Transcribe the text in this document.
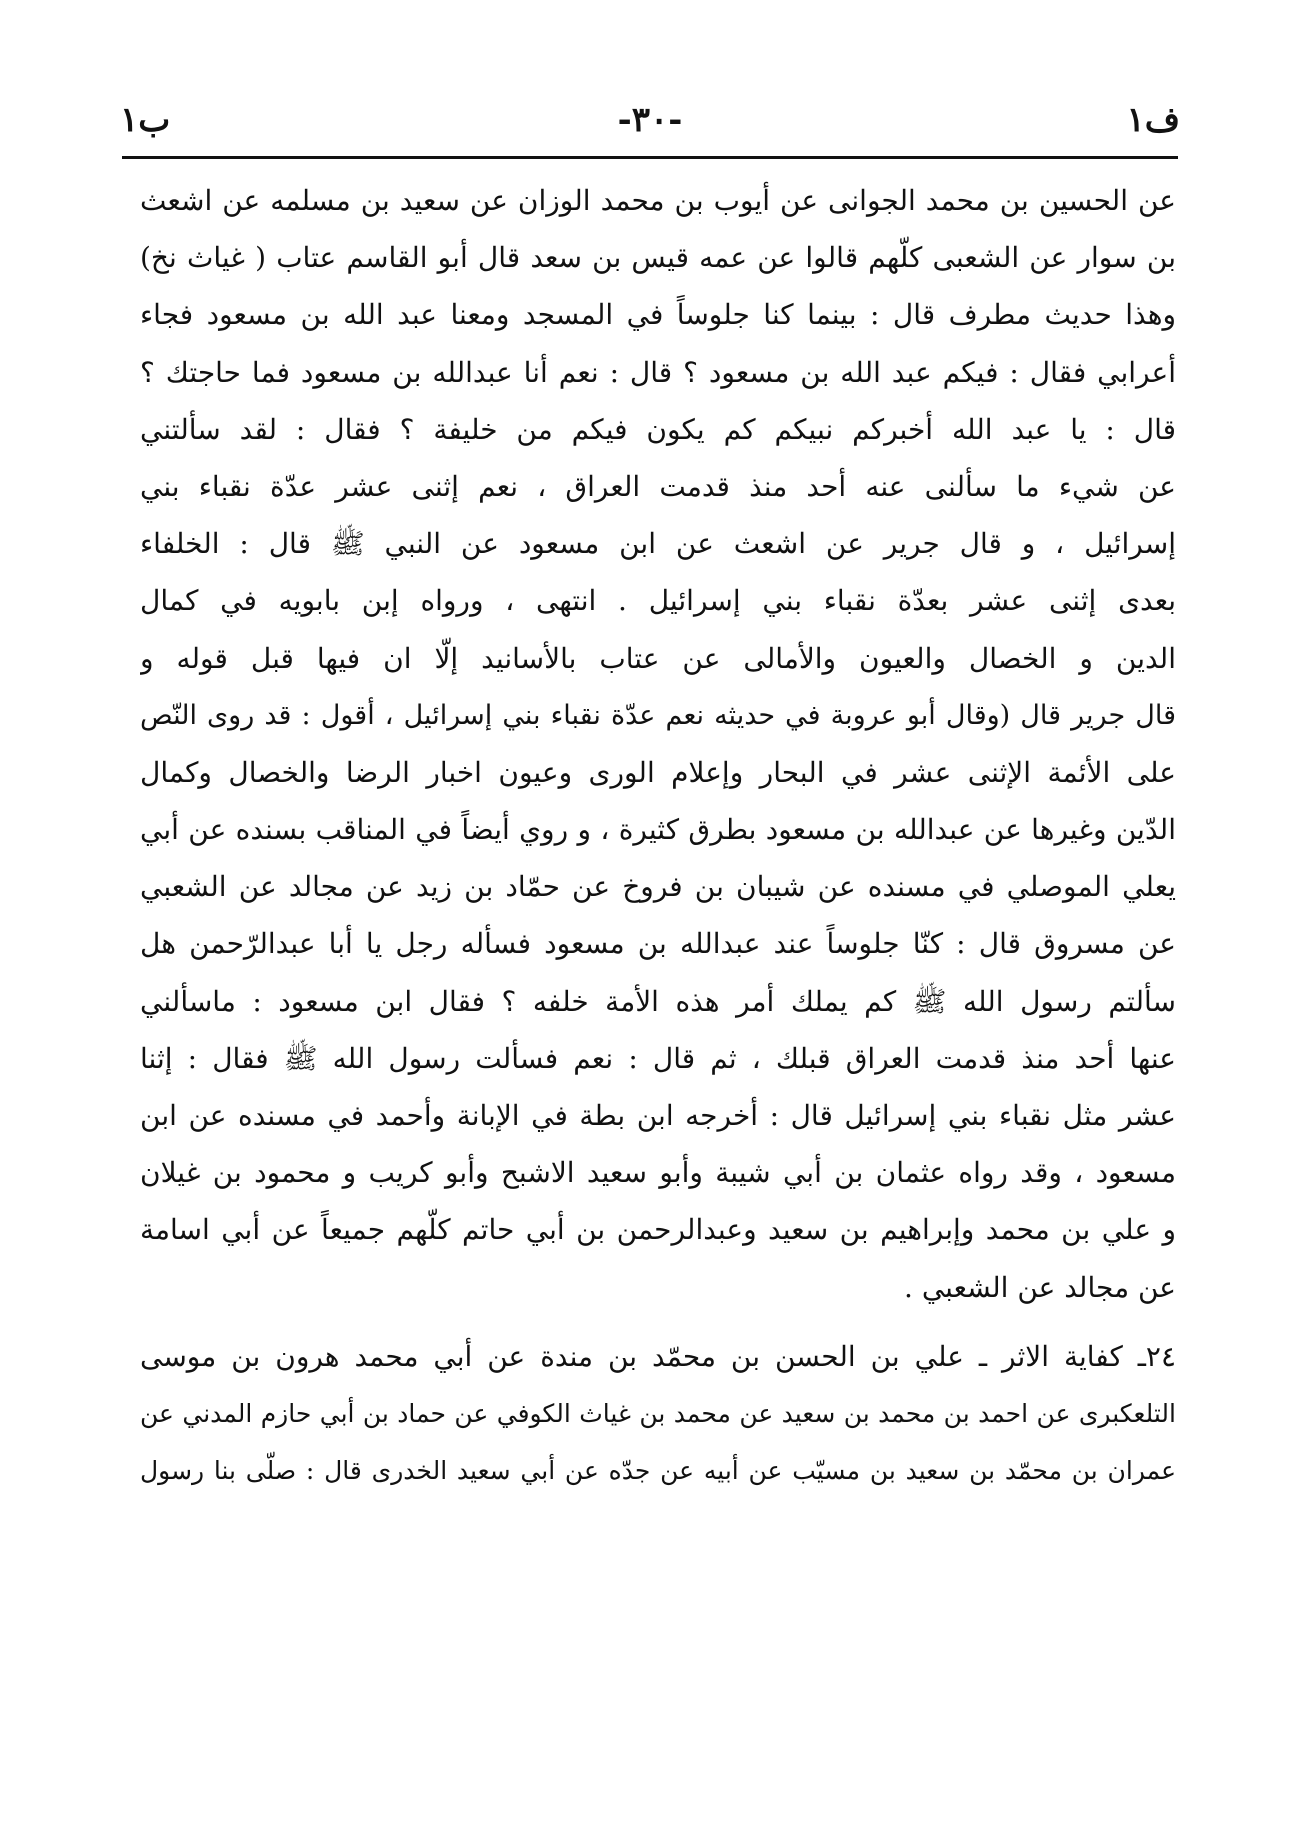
ف١
-٣٠-
ب١
عن الحسين بن محمد الجوانى عن أيوب بن محمد الوزان عن سعيد بن مسلمه عن اشعث
بن سوار عن الشعبى كلّهم قالوا عن عمه قيس بن سعد قال أبو القاسم عتاب ( غياث نخ)
وهذا حديث مطرف قال : بينما كنا جلوساً في المسجد ومعنا عبد الله بن مسعود فجاء
أعرابي فقال : فيكم عبد الله بن مسعود ؟ قال : نعم أنا عبدالله بن مسعود فما حاجتك ؟
قال : يا عبد الله أخبركم نبيكم كم يكون فيكم من خليفة ؟ فقال : لقد سألتني
عن شيء ما سألنى عنه أحد منذ قدمت العراق ، نعم إثنى عشر عدّة نقباء بني
إسرائيل ، و قال جرير عن اشعث عن ابن مسعود عن النبي ﷺ قال : الخلفاء
بعدى إثنى عشر بعدّة نقباء بني إسرائيل . انتهى ، ورواه إبن بابويه في كمال
الدين و الخصال والعيون والأمالى عن عتاب بالأسانيد إلّا ان فيها قبل قوله و
قال جرير قال (وقال أبو عروبة في حديثه نعم عدّة نقباء بني إسرائيل ، أقول : قد روى النّص
على الأئمة الإثنى عشر في البحار وإعلام الورى وعيون اخبار الرضا والخصال وكمال
الدّين وغيرها عن عبدالله بن مسعود بطرق كثيرة ، و روي أيضاً في المناقب بسنده عن أبي
يعلي الموصلي في مسنده عن شيبان بن فروخ عن حمّاد بن زيد عن مجالد عن الشعبي
عن مسروق قال : كنّا جلوساً عند عبدالله بن مسعود فسأله رجل يا أبا عبدالرّحمن هل
سألتم رسول الله ﷺ كم يملك أمر هذه الأمة خلفه ؟ فقال ابن مسعود : ماسألني
عنها أحد منذ قدمت العراق قبلك ، ثم قال : نعم فسألت رسول الله ﷺ فقال : إثنا
عشر مثل نقباء بني إسرائيل قال : أخرجه ابن بطة في الإبانة وأحمد في مسنده عن ابن
مسعود ، وقد رواه عثمان بن أبي شيبة وأبو سعيد الاشبح وأبو كريب و محمود بن غيلان
و علي بن محمد وإبراهيم بن سعيد وعبدالرحمن بن أبي حاتم كلّهم جميعاً عن أبي اسامة
عن مجالد عن الشعبي .
٢٤ـ كفاية الاثر ـ علي بن الحسن بن محمّد بن مندة عن أبي محمد هرون بن موسى
التلعكبرى عن احمد بن محمد بن سعيد عن محمد بن غياث الكوفي عن حماد بن أبي حازم المدني عن
عمران بن محمّد بن سعيد بن مسيّب عن أبيه عن جدّه عن أبي سعيد الخدرى قال : صلّى بنا رسول
